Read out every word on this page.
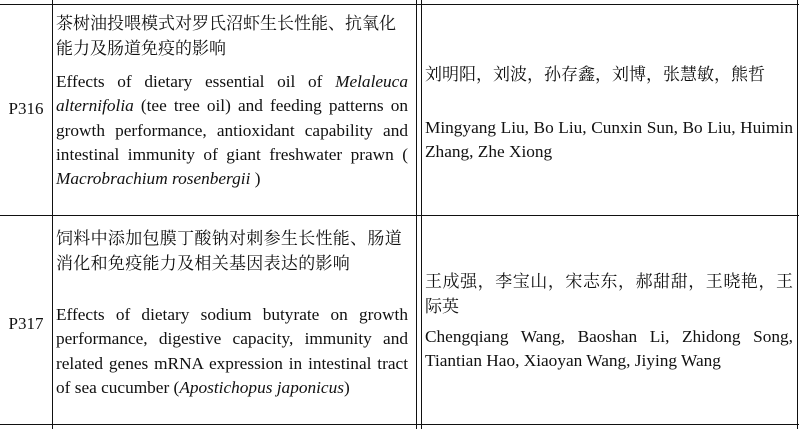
P316

茶树油投喂模式对罗氏沼虾生长性能、抗氧化能力及肠道免疫的影响

Effects of dietary essential oil of Melaleuca alternifolia (tee tree oil) and feeding patterns on growth performance, antioxidant capability and intestinal immunity of giant freshwater prawn ( Macrobrachium rosenbergii )

刘明阳，刘波，孙存鑫，刘博，张慧敏，熊哲

Mingyang Liu, Bo Liu, Cunxin Sun, Bo Liu, Huimin Zhang, Zhe Xiong

P317

饲料中添加包膜丁酸钠对刺参生长性能、肠道消化和免疫能力及相关基因表达的影响

Effects of dietary sodium butyrate on growth performance, digestive capacity, immunity and related genes mRNA expression in intestinal tract of sea cucumber (Apostichopus japonicus)

王成强，李宝山，宋志东，郝甜甜，王晓艳，王际英

Chengqiang Wang, Baoshan Li, Zhidong Song, Tiantian Hao, Xiaoyan Wang, Jiying Wang
